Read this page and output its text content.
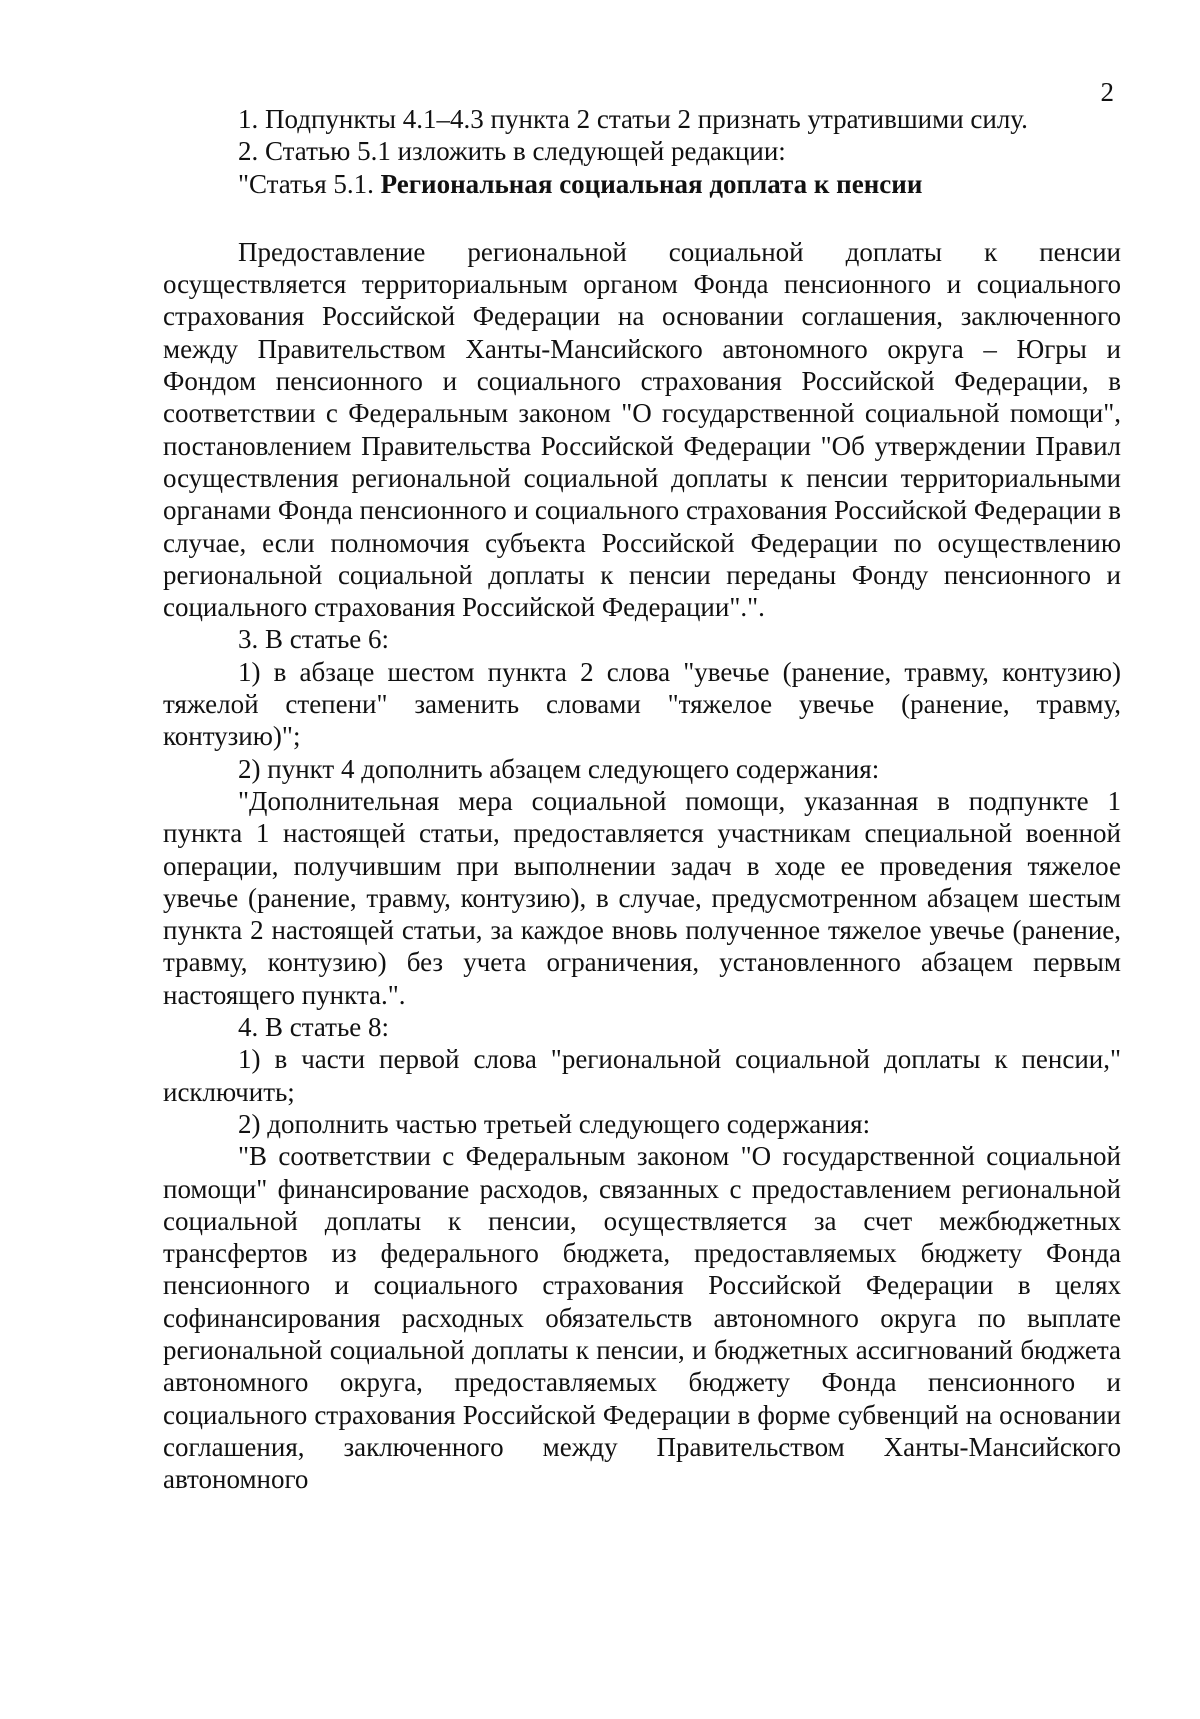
2

1. Подпункты 4.1–4.3 пункта 2 статьи 2 признать утратившими силу.

2. Статью 5.1 изложить в следующей редакции:

"Статья 5.1. Региональная социальная доплата к пенсии

Предоставление региональной социальной доплаты к пенсии осуществляется территориальным органом Фонда пенсионного и социального страхования Российской Федерации на основании соглашения, заключенного между Правительством Ханты-Мансийского автономного округа – Югры и Фондом пенсионного и социального страхования Российской Федерации, в соответствии с Федеральным законом "О государственной социальной помощи", постановлением Правительства Российской Федерации "Об утверждении Правил осуществления региональной социальной доплаты к пенсии территориальными органами Фонда пенсионного и социального страхования Российской Федерации в случае, если полномочия субъекта Российской Федерации по осуществлению региональной социальной доплаты к пенсии переданы Фонду пенсионного и социального страхования Российской Федерации".".

3. В статье 6:

1) в абзаце шестом пункта 2 слова "увечье (ранение, травму, контузию) тяжелой степени" заменить словами "тяжелое увечье (ранение, травму, контузию)";

2) пункт 4 дополнить абзацем следующего содержания:

"Дополнительная мера социальной помощи, указанная в подпункте 1 пункта 1 настоящей статьи, предоставляется участникам специальной военной операции, получившим при выполнении задач в ходе ее проведения тяжелое увечье (ранение, травму, контузию), в случае, предусмотренном абзацем шестым пункта 2 настоящей статьи, за каждое вновь полученное тяжелое увечье (ранение, травму, контузию) без учета ограничения, установленного абзацем первым настоящего пункта.".

4. В статье 8:

1) в части первой слова "региональной социальной доплаты к пенсии," исключить;

2) дополнить частью третьей следующего содержания:

"В соответствии с Федеральным законом "О государственной социальной помощи" финансирование расходов, связанных с предоставлением региональной социальной доплаты к пенсии, осуществляется за счет межбюджетных трансфертов из федерального бюджета, предоставляемых бюджету Фонда пенсионного и социального страхования Российской Федерации в целях софинансирования расходных обязательств автономного округа по выплате региональной социальной доплаты к пенсии, и бюджетных ассигнований бюджета автономного округа, предоставляемых бюджету Фонда пенсионного и социального страхования Российской Федерации в форме субвенций на основании соглашения, заключенного между Правительством Ханты-Мансийского автономного
